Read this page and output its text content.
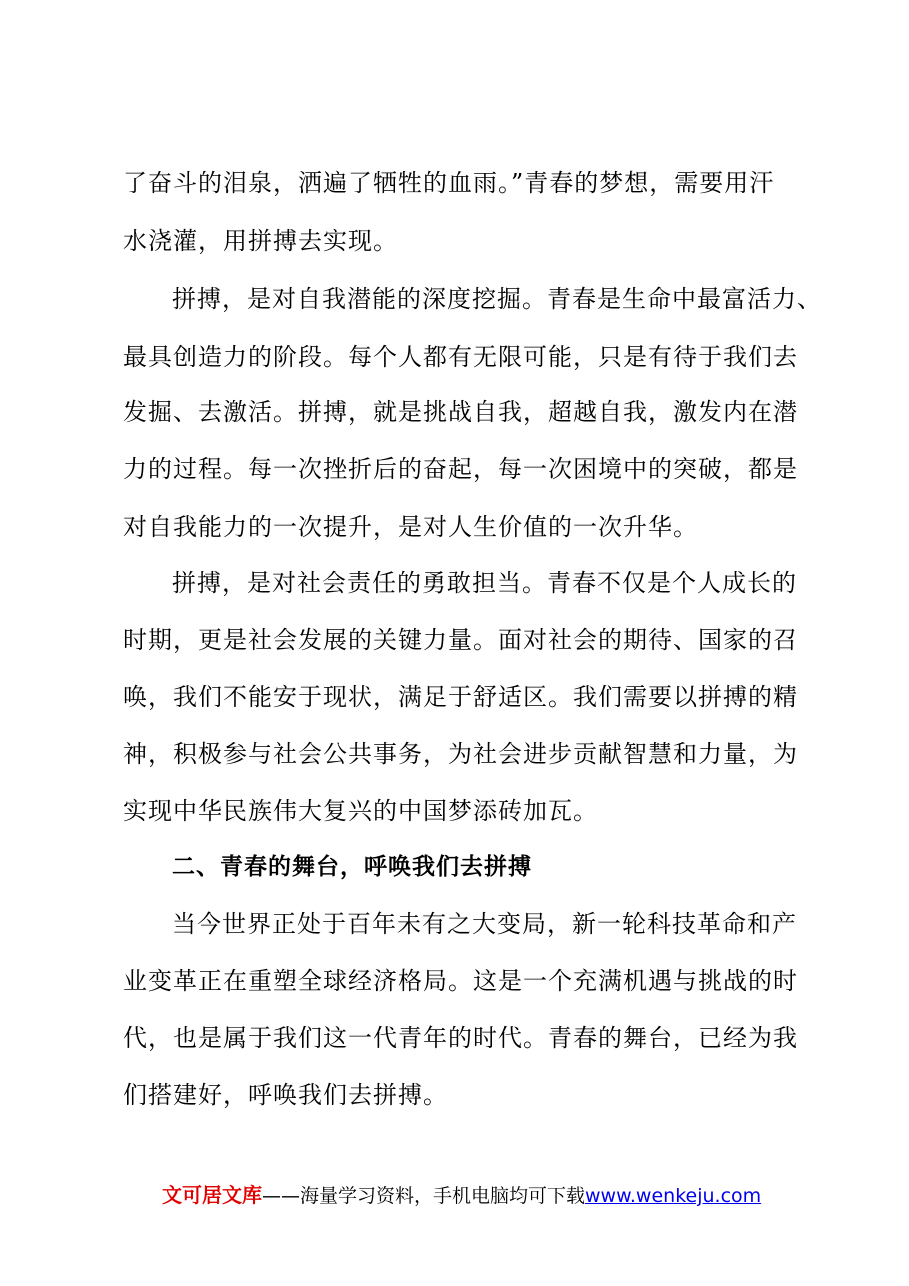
了奋斗的泪泉，洒遍了牺牲的血雨。”青春的梦想，需要用汗
水浇灌，用拼搏去实现。
拼搏，是对自我潜能的深度挖掘。青春是生命中最富活力、
最具创造力的阶段。每个人都有无限可能，只是有待于我们去
发掘、去激活。拼搏，就是挑战自我，超越自我，激发内在潜
力的过程。每一次挫折后的奋起，每一次困境中的突破，都是
对自我能力的一次提升，是对人生价值的一次升华。
拼搏，是对社会责任的勇敢担当。青春不仅是个人成长的
时期，更是社会发展的关键力量。面对社会的期待、国家的召
唤，我们不能安于现状，满足于舒适区。我们需要以拼搏的精
神，积极参与社会公共事务，为社会进步贡献智慧和力量，为
实现中华民族伟大复兴的中国梦添砖加瓦。
二、青春的舞台，呼唤我们去拼搏
当今世界正处于百年未有之大变局，新一轮科技革命和产
业变革正在重塑全球经济格局。这是一个充满机遇与挑战的时
代，也是属于我们这一代青年的时代。青春的舞台，已经为我
们搭建好，呼唤我们去拼搏。
文可居文库——海量学习资料，手机电脑均可下载www.wenkeju.com
